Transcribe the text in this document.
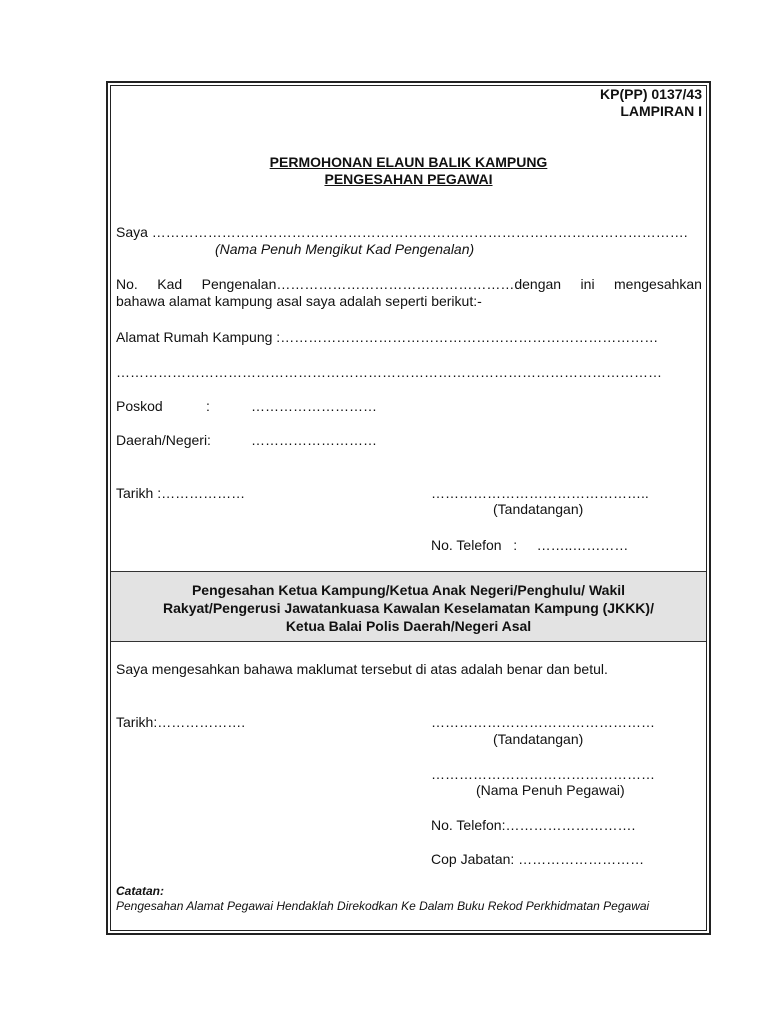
KP(PP) 0137/43
LAMPIRAN I
PERMOHONAN ELAUN BALIK KAMPUNG
PENGESAHAN PEGAWAI
Saya …………………………………………………………………………………………………….
(Nama Penuh Mengikut Kad Pengenalan)
No. Kad Pengenalan……………………………………………dengan ini mengesahkan
bahawa alamat kampung asal saya adalah seperti berikut:-
Alamat Rumah Kampung :………………………………………………………………………
………………………………………………………………………………………………………
Poskod	:	………………………
Daerah/Negeri:	………………………
Tarikh :………………	………………………………………..
(Tandatangan)
No. Telefon   :     ……..…………
Pengesahan Ketua Kampung/Ketua Anak Negeri/Penghulu/ Wakil
Rakyat/Pengerusi Jawatankuasa Kawalan Keselamatan Kampung (JKKK)/
Ketua Balai Polis Daerah/Negeri Asal
Saya mengesahkan bahawa maklumat tersebut di atas adalah benar dan betul.
Tarikh:……………….	…………………………………………
(Tandatangan)
…………………………………………
(Nama Penuh Pegawai)
No. Telefon:……………………….
Cop Jabatan: ………………………
Catatan:
Pengesahan Alamat Pegawai Hendaklah Direkodkan Ke Dalam Buku Rekod Perkhidmatan Pegawai
